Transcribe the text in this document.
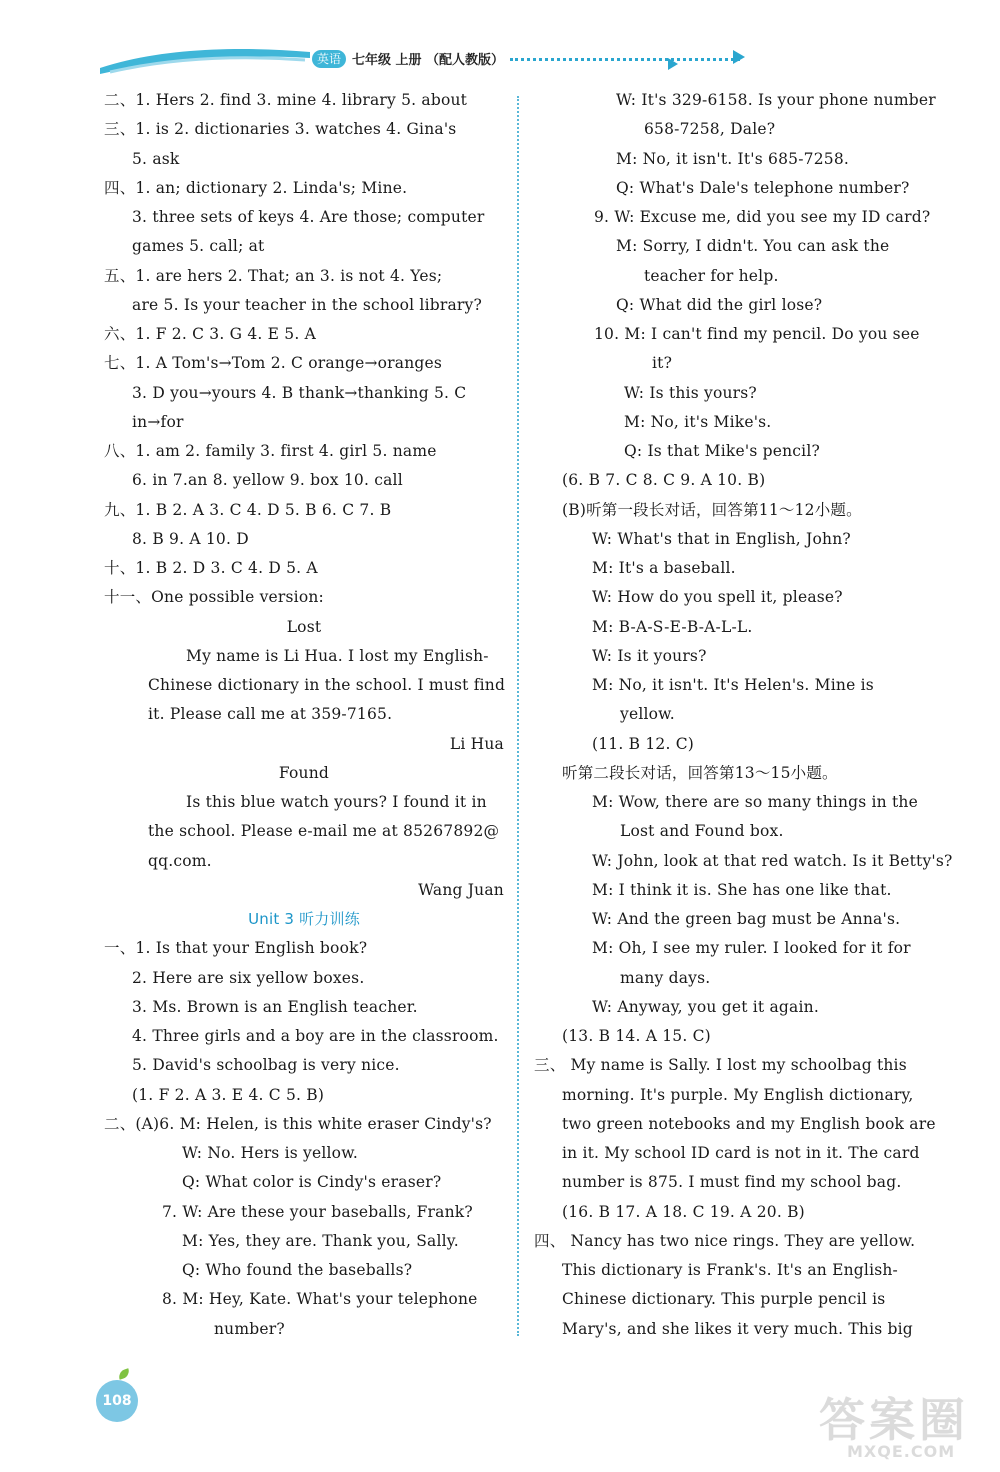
英语 七年级 上册 （配人教版）
二、1. Hers 2. find 3. mine 4. library 5. about
三、1. is 2. dictionaries 3. watches 4. Gina's
5. ask
四、1. an; dictionary 2. Linda's; Mine.
3. three sets of keys 4. Are those; computer
games 5. call; at
五、1. are hers 2. That; an 3. is not 4. Yes;
are 5. Is your teacher in the school library?
六、1. F 2. C 3. G 4. E 5. A
七、1. A Tom's→Tom 2. C orange→oranges
3. D you→yours 4. B thank→thanking 5. C
in→for
八、1. am 2. family 3. first 4. girl 5. name
6. in 7.an 8. yellow 9. box 10. call
九、1. B 2. A 3. C 4. D 5. B 6. C 7. B
8. B 9. A 10. D
十、1. B 2. D 3. C 4. D 5. A
十一、One possible version:
Lost
My name is Li Hua. I lost my English-
Chinese dictionary in the school. I must find
it. Please call me at 359-7165.
Li Hua
Found
Is this blue watch yours? I found it in
the school. Please e-mail me at 85267892@
qq.com.
Wang Juan
Unit 3 听力训练
一、1. Is that your English book?
2. Here are six yellow boxes.
3. Ms. Brown is an English teacher.
4. Three girls and a boy are in the classroom.
5. David's schoolbag is very nice.
(1. F 2. A 3. E 4. C 5. B)
二、(A)6. M: Helen, is this white eraser Cindy's?
W: No. Hers is yellow.
Q: What color is Cindy's eraser?
7. W: Are these your baseballs, Frank?
M: Yes, they are. Thank you, Sally.
Q: Who found the baseballs?
8. M: Hey, Kate. What's your telephone
number?
W: It's 329-6158. Is your phone number
658-7258, Dale?
M: No, it isn't. It's 685-7258.
Q: What's Dale's telephone number?
9. W: Excuse me, did you see my ID card?
M: Sorry, I didn't. You can ask the
teacher for help.
Q: What did the girl lose?
10. M: I can't find my pencil. Do you see
it?
W: Is this yours?
M: No, it's Mike's.
Q: Is that Mike's pencil?
(6. B 7. C 8. C 9. A 10. B)
(B)听第一段长对话，回答第11～12小题。
W: What's that in English, John?
M: It's a baseball.
W: How do you spell it, please?
M: B-A-S-E-B-A-L-L.
W: Is it yours?
M: No, it isn't. It's Helen's. Mine is
yellow.
(11. B 12. C)
听第二段长对话，回答第13～15小题。
M: Wow, there are so many things in the
Lost and Found box.
W: John, look at that red watch. Is it Betty's?
M: I think it is. She has one like that.
W: And the green bag must be Anna's.
M: Oh, I see my ruler. I looked for it for
many days.
W: Anyway, you get it again.
(13. B 14. A 15. C)
三、 My name is Sally. I lost my schoolbag this
morning. It's purple. My English dictionary,
two green notebooks and my English book are
in it. My school ID card is not in it. The card
number is 875. I must find my school bag.
(16. B 17. A 18. C 19. A 20. B)
四、 Nancy has two nice rings. They are yellow.
This dictionary is Frank's. It's an English-
Chinese dictionary. This purple pencil is
Mary's, and she likes it very much. This big
108	答案圈
MXQE.COM
